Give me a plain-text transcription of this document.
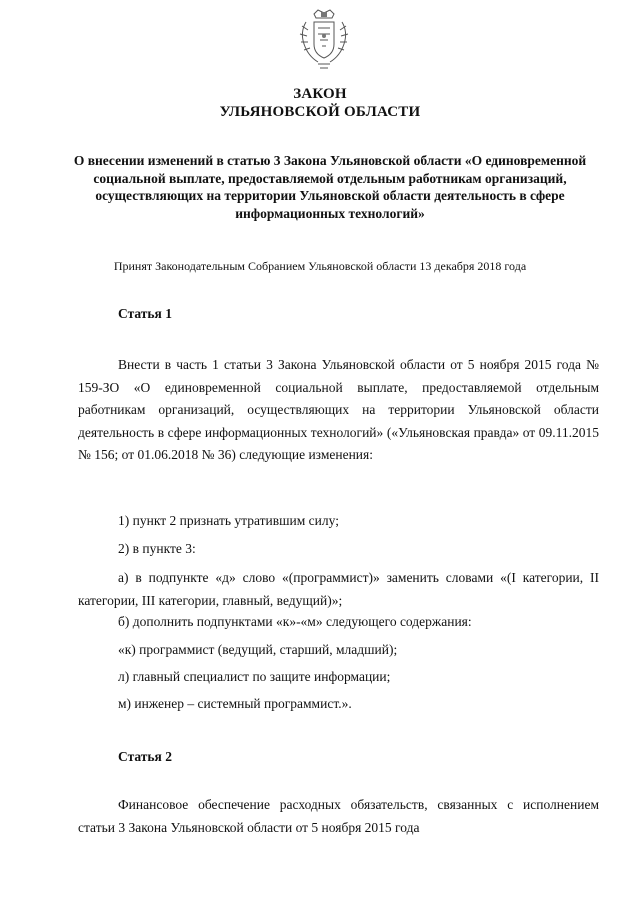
ЗАКОН
УЛЬЯНОВСКОЙ ОБЛАСТИ
О внесении изменений в статью 3 Закона Ульяновской области «О единовременной социальной выплате, предоставляемой отдельным работникам организаций, осуществляющих на территории Ульяновской области деятельность в сфере информационных технологий»
Принят Законодательным Собранием Ульяновской области 13 декабря 2018 года
Статья 1
Внести в часть 1 статьи 3 Закона Ульяновской области от 5 ноября 2015 года № 159-ЗО «О единовременной социальной выплате, предоставляемой отдельным работникам организаций, осуществляющих на территории Ульяновской области деятельность в сфере информационных технологий» («Ульяновская правда» от 09.11.2015 № 156; от 01.06.2018 № 36) следующие изменения:
1) пункт 2 признать утратившим силу;
2) в пункте 3:
а) в подпункте «д» слово «(программист)» заменить словами «(I категории, II категории, III категории, главный, ведущий)»;
б) дополнить подпунктами «к»-«м» следующего содержания:
«к) программист (ведущий, старший, младший);
л) главный специалист по защите информации;
м) инженер – системный программист.».
Статья 2
Финансовое обеспечение расходных обязательств, связанных с исполнением статьи 3 Закона Ульяновской области от 5 ноября 2015 года
